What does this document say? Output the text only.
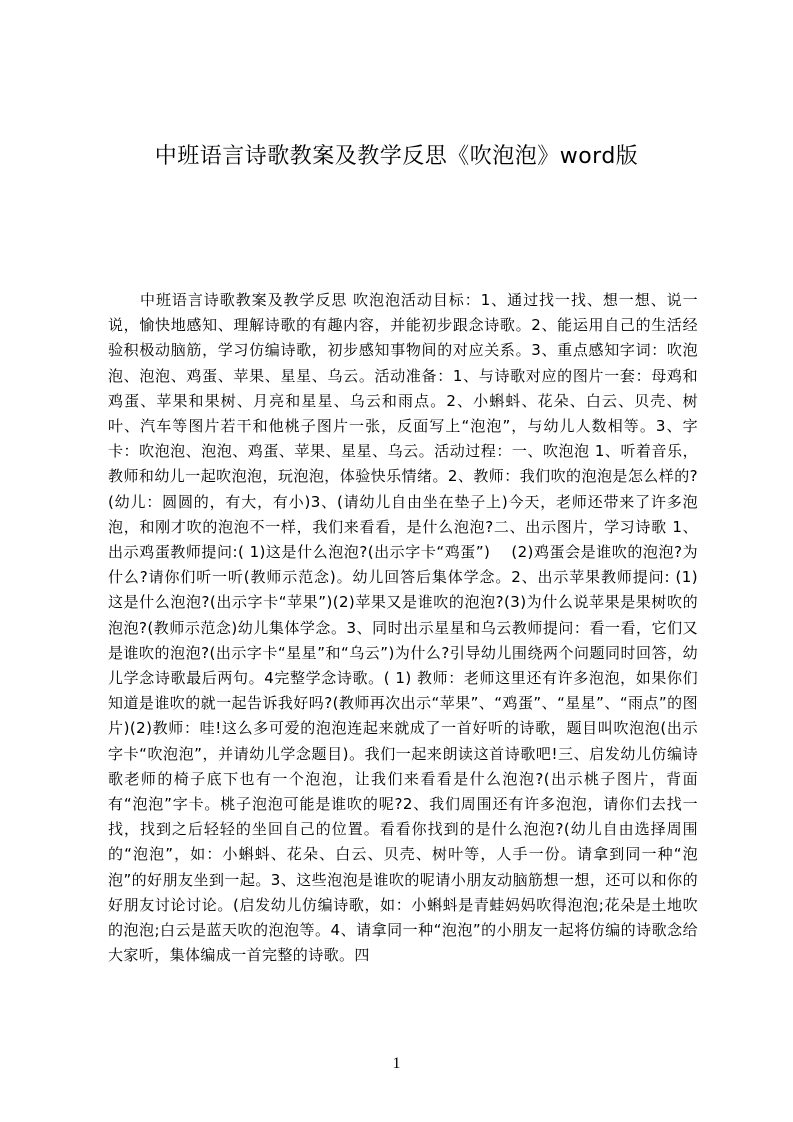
中班语言诗歌教案及教学反思《吹泡泡》word版

中班语言诗歌教案及教学反思 吹泡泡活动目标：1、通过找一找、想一想、说一说，愉快地感知、理解诗歌的有趣内容，并能初步跟念诗歌。2、能运用自己的生活经验积极动脑筋，学习仿编诗歌，初步感知事物间的对应关系。3、重点感知字词：吹泡泡、泡泡、鸡蛋、苹果、星星、乌云。活动准备：1、与诗歌对应的图片一套：母鸡和鸡蛋、苹果和果树、月亮和星星、乌云和雨点。2、小蝌蚪、花朵、白云、贝壳、树叶、汽车等图片若干和他桃子图片一张，反面写上“泡泡”，与幼儿人数相等。3、字卡：吹泡泡、泡泡、鸡蛋、苹果、星星、乌云。活动过程：一、吹泡泡 1、听着音乐，教师和幼儿一起吹泡泡，玩泡泡，体验快乐情绪。2、教师：我们吹的泡泡是怎么样的?(幼儿：圆圆的，有大，有小)3、(请幼儿自由坐在垫子上)今天，老师还带来了许多泡泡，和刚才吹的泡泡不一样，我们来看看，是什么泡泡?二、出示图片，学习诗歌 1、出示鸡蛋教师提问:( 1)这是什么泡泡?(出示字卡“鸡蛋”)　 (2)鸡蛋会是谁吹的泡泡?为什么?请你们听一听(教师示范念)。幼儿回答后集体学念。2、出示苹果教师提问: (1) 这是什么泡泡?(出示字卡“苹果”)(2)苹果又是谁吹的泡泡?(3)为什么说苹果是果树吹的泡泡?(教师示范念)幼儿集体学念。3、同时出示星星和乌云教师提问：看一看，它们又是谁吹的泡泡?(出示字卡“星星”和“乌云”)为什么?引导幼儿围绕两个问题同时回答，幼儿学念诗歌最后两句。4完整学念诗歌。( 1) 教师：老师这里还有许多泡泡，如果你们知道是谁吹的就一起告诉我好吗?(教师再次出示“苹果”、“鸡蛋”、“星星”、“雨点”的图片)(2)教师：哇!这么多可爱的泡泡连起来就成了一首好听的诗歌，题目叫吹泡泡(出示字卡“吹泡泡”，并请幼儿学念题目)。我们一起来朗读这首诗歌吧!三、启发幼儿仿编诗歌老师的椅子底下也有一个泡泡，让我们来看看是什么泡泡?(出示桃子图片，背面有“泡泡”字卡。桃子泡泡可能是谁吹的呢?2、我们周围还有许多泡泡，请你们去找一找，找到之后轻轻的坐回自己的位置。看看你找到的是什么泡泡?(幼儿自由选择周围的“泡泡”，如：小蝌蚪、花朵、白云、贝壳、树叶等，人手一份。请拿到同一种“泡泡”的好朋友坐到一起。3、这些泡泡是谁吹的呢请小朋友动脑筋想一想，还可以和你的好朋友讨论讨论。(启发幼儿仿编诗歌，如：小蝌蚪是青蛙妈妈吹得泡泡;花朵是土地吹的泡泡;白云是蓝天吹的泡泡等。4、请拿同一种“泡泡”的小朋友一起将仿编的诗歌念给大家听，集体编成一首完整的诗歌。四

1
